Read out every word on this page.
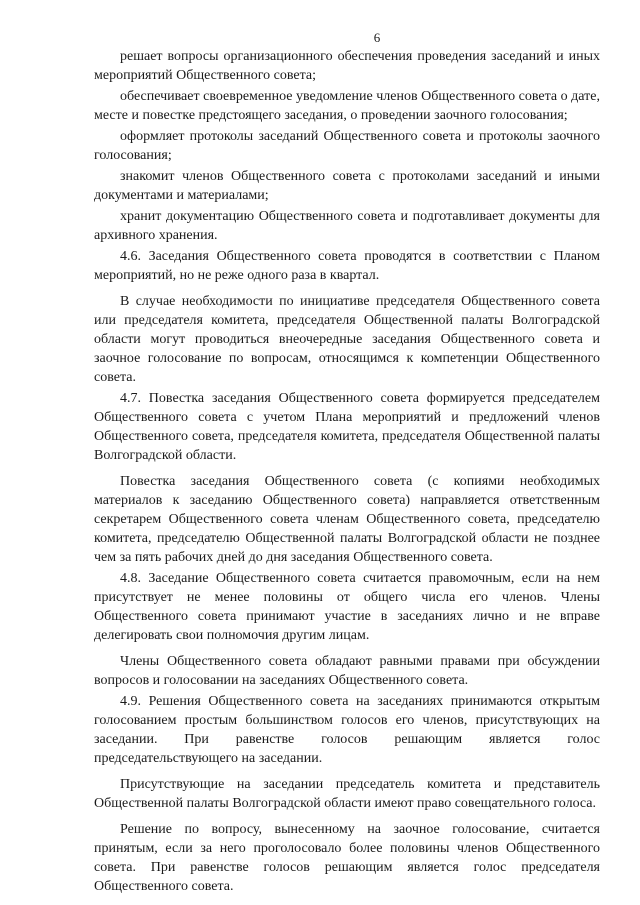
6

решает вопросы организационного обеспечения проведения заседаний и иных мероприятий Общественного совета;

обеспечивает своевременное уведомление членов Общественного совета о дате, месте и повестке предстоящего заседания, о проведении заочного голосования;

оформляет протоколы заседаний Общественного совета и протоколы заочного голосования;

знакомит членов Общественного совета с протоколами заседаний и иными документами и материалами;

хранит документацию Общественного совета и подготавливает документы для архивного хранения.

4.6. Заседания Общественного совета проводятся в соответствии с Планом мероприятий, но не реже одного раза в квартал.

В случае необходимости по инициативе председателя Общественного совета или председателя комитета, председателя Общественной палаты Волгоградской области могут проводиться внеочередные заседания Общественного совета и заочное голосование по вопросам, относящимся к компетенции Общественного совета.

4.7. Повестка заседания Общественного совета формируется председателем Общественного совета с учетом Плана мероприятий и предложений членов Общественного совета, председателя комитета, председателя Общественной палаты Волгоградской области.

Повестка заседания Общественного совета (с копиями необходимых материалов к заседанию Общественного совета) направляется ответственным секретарем Общественного совета членам Общественного совета, председателю комитета, председателю Общественной палаты Волгоградской области не позднее чем за пять рабочих дней до дня заседания Общественного совета.

4.8. Заседание Общественного совета считается правомочным, если на нем присутствует не менее половины от общего числа его членов. Члены Общественного совета принимают участие в заседаниях лично и не вправе делегировать свои полномочия другим лицам.

Члены Общественного совета обладают равными правами при обсуждении вопросов и голосовании на заседаниях Общественного совета.

4.9. Решения Общественного совета на заседаниях принимаются открытым голосованием простым большинством голосов его членов, присутствующих на заседании. При равенстве голосов решающим является голос председательствующего на заседании.

Присутствующие на заседании председатель комитета и представитель Общественной палаты Волгоградской области имеют право совещательного голоса.

Решение по вопросу, вынесенному на заочное голосование, считается принятым, если за него проголосовало более половины членов Общественного совета. При равенстве голосов решающим является голос председателя Общественного совета.
